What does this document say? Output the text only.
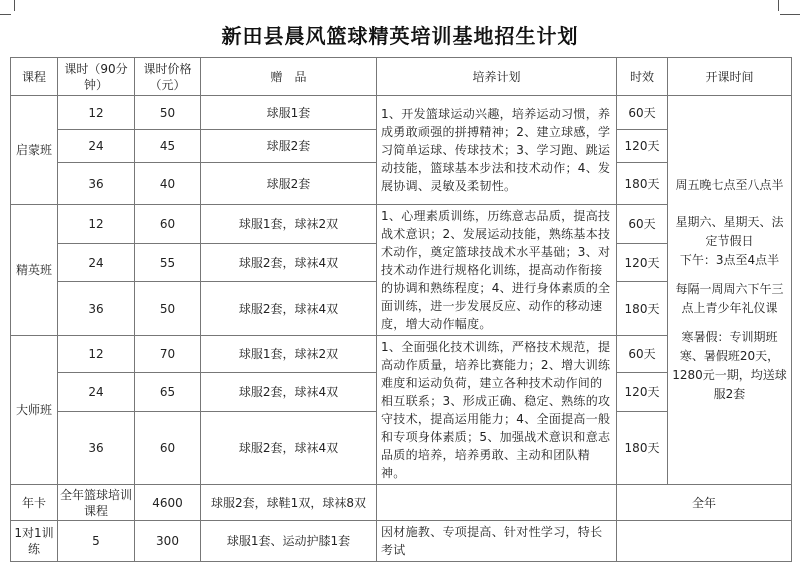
新田县晨风篮球精英培训基地招生计划
课程	课时（90分钟）	课时价格（元）	赠　品	培养计划	时效	开课时间
启蒙班	12	50	球服1套	1、开发篮球运动兴趣，培养运动习惯，养成勇敢顽强的拼搏精神；2、建立球感，学习简单运球、传球技术；3、学习跑、跳运动技能，篮球基本步法和技术动作；4、发展协调、灵敏及柔韧性。	60天	周五晚七点至八点半
星期六、星期天、法定节假日
下午：3点至4点半
每隔一周周六下午三点上青少年礼仪课
寒暑假：专训期班寒、暑假班20天，1280元一期，均送球服2套

	24	45	球服2套		120天	
	36	40	球服2套		180天	
精英班	12	60	球服1套，球袜2双	1、心理素质训练，历练意志品质，提高技战术意识；2、发展运动技能，熟练基本技术动作，奠定篮球技战术水平基础；3、对技术动作进行规格化训练，提高动作衔接的协调和熟练程度；4、进行身体素质的全面训练，进一步发展反应、动作的移动速度，增大动作幅度。	60天	
	24	55	球服2套，球袜4双		120天	
	36	50	球服2套，球袜4双		180天	
大师班	12	70	球服1套，球袜2双	1、全面强化技术训练，严格技术规范，提高动作质量，培养比赛能力；2、增大训练难度和运动负荷，建立各种技术动作间的相互联系；3、形成正确、稳定、熟练的攻守技术，提高运用能力；4、全面提高一般和专项身体素质；5、加强战术意识和意志品质的培养，培养勇敢、主动和团队精神。	60天	
	24	65	球服2套，球袜4双		120天	
	36	60	球服2套，球袜4双		180天	
年卡	全年篮球培训课程	4600	球服2套，球鞋1双，球袜8双		全年	
1对1训练	5	300	球服1套、运动护膝1套	因材施教、专项提高、针对性学习，特长考试		
